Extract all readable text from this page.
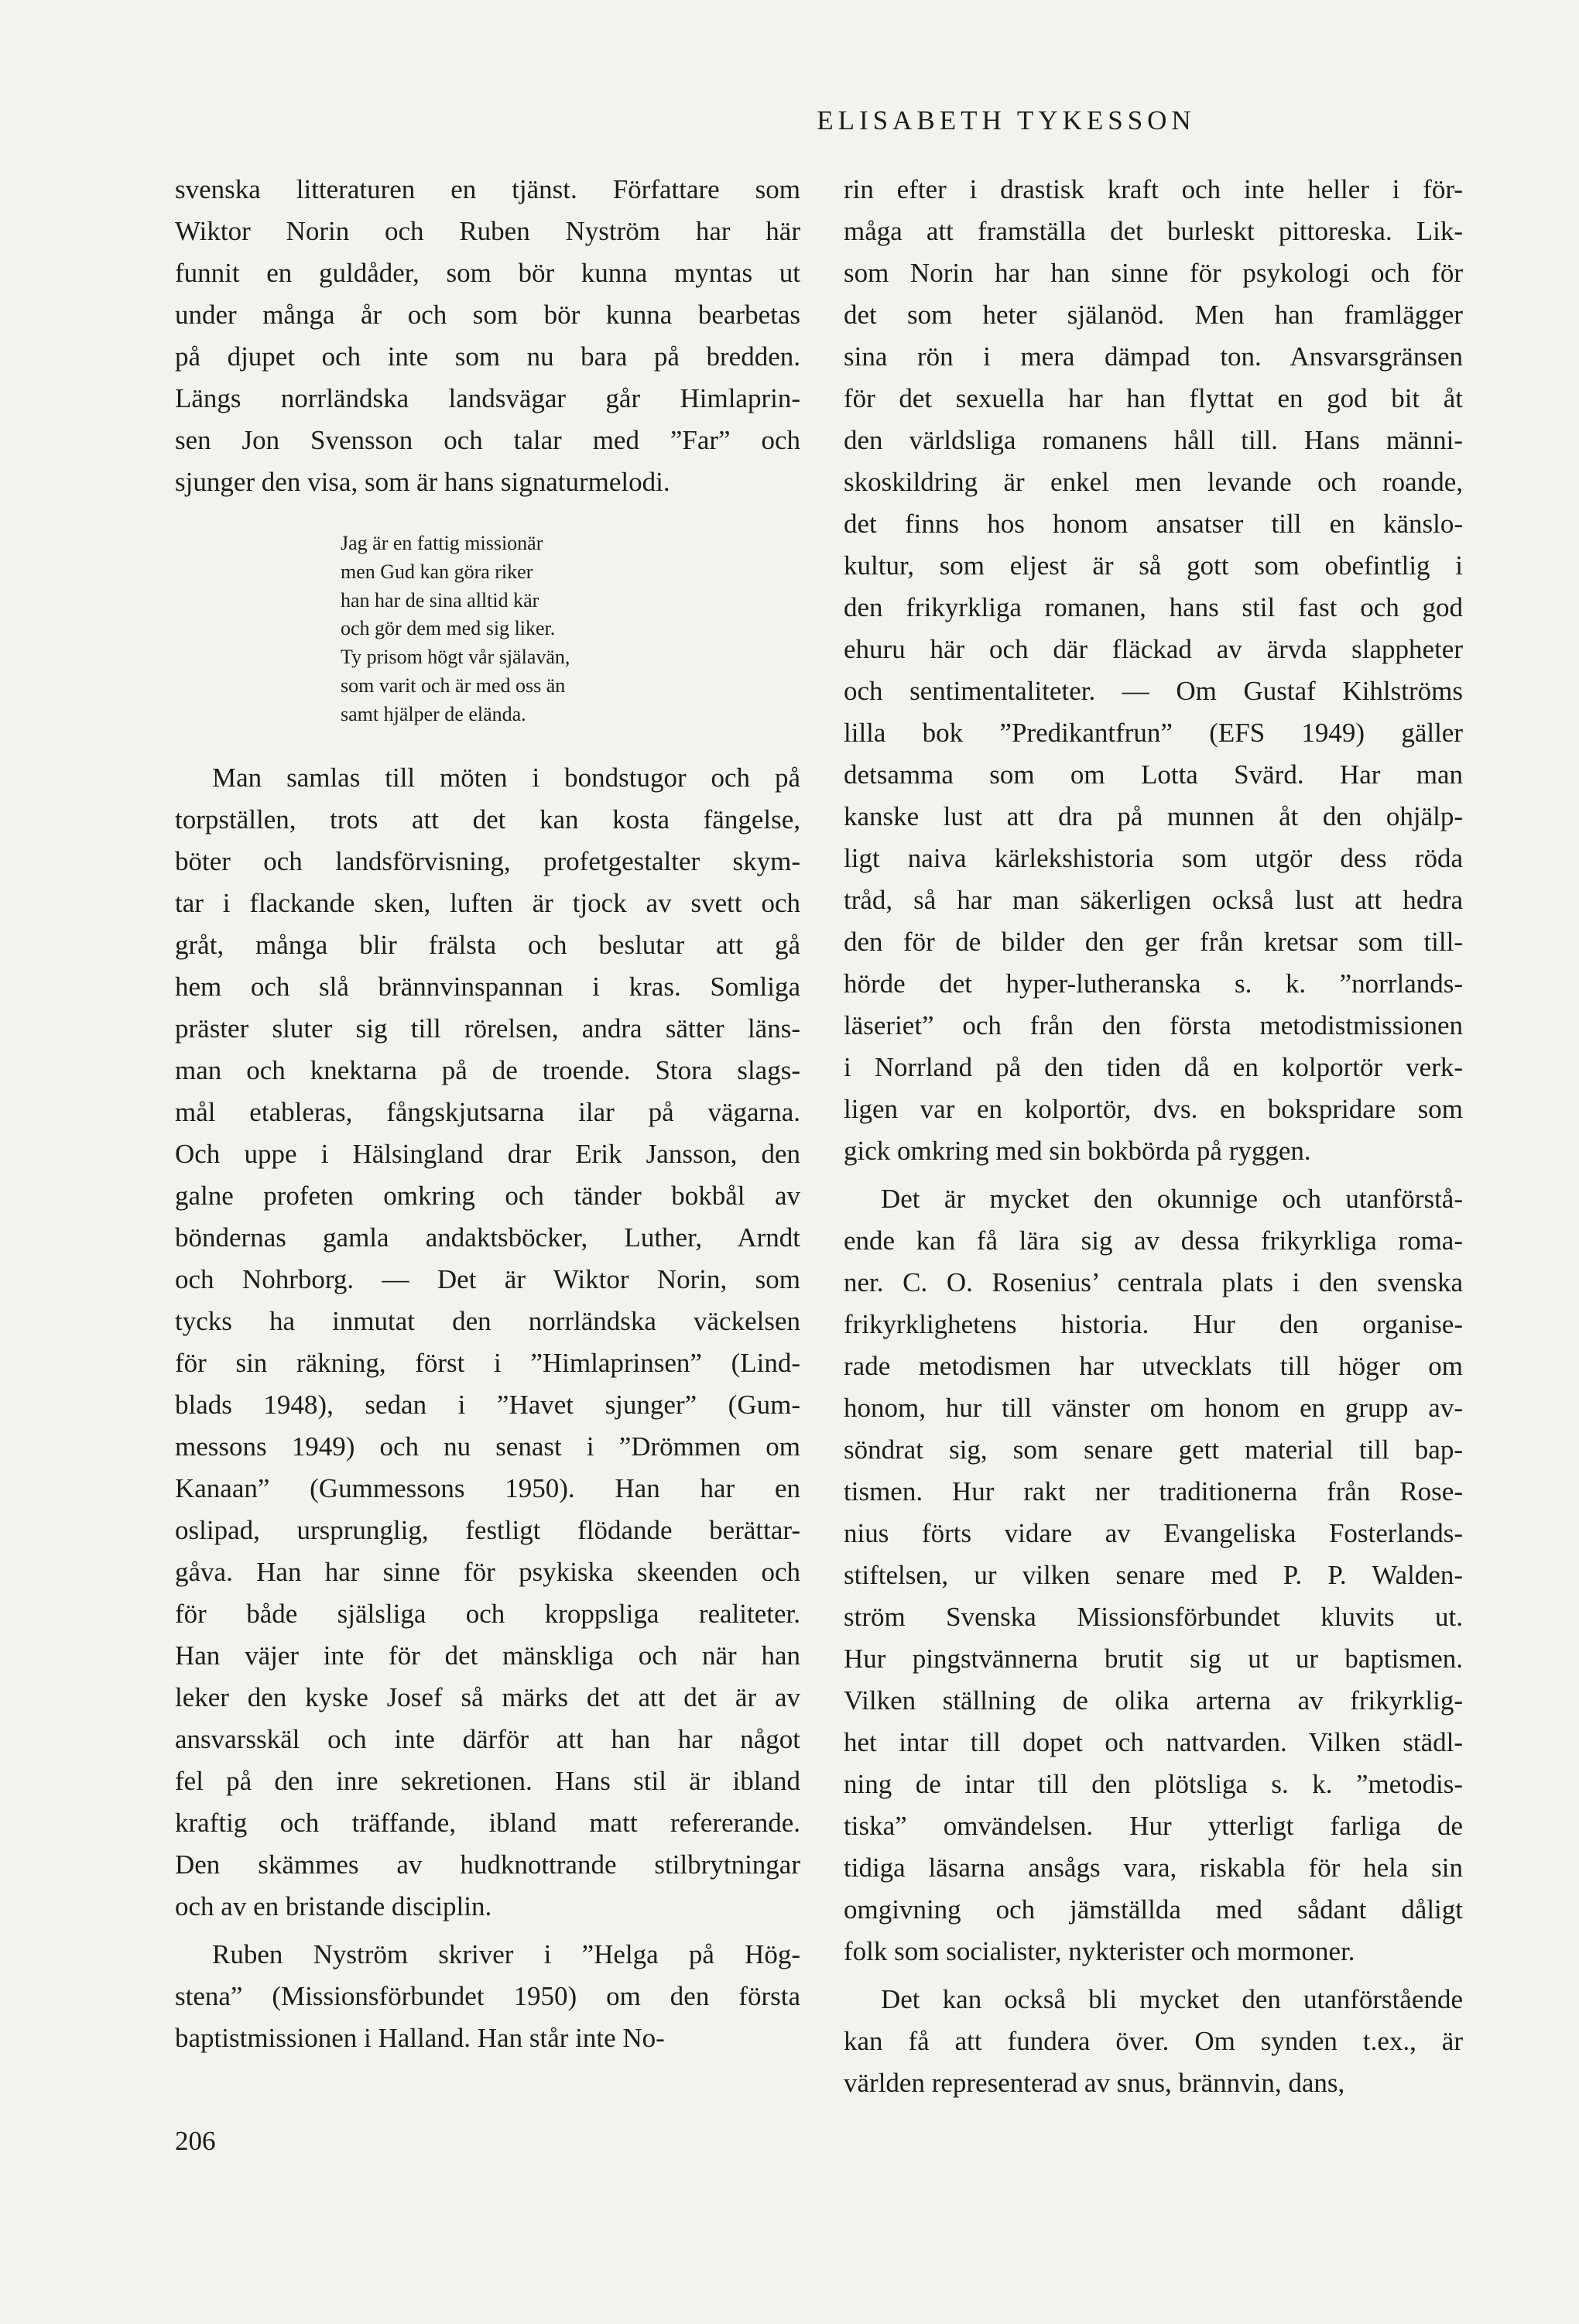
ELISABETH TYKESSON
svenska litteraturen en tjänst. Författare som
Wiktor Norin och Ruben Nyström har här
funnit en guldåder, som bör kunna myntas ut
under många år och som bör kunna bearbetas
på djupet och inte som nu bara på bredden.
Längs norrländska landsvägar går Himlaprin-
sen Jon Svensson och talar med ”Far” och
sjunger den visa, som är hans signaturmelodi.
Jag är en fattig missionär
men Gud kan göra riker
han har de sina alltid kär
och gör dem med sig liker.
Ty prisom högt vår själavän,
som varit och är med oss än
samt hjälper de elända.
Man samlas till möten i bondstugor och på
torpställen, trots att det kan kosta fängelse,
böter och landsförvisning, profetgestalter skym-
tar i flackande sken, luften är tjock av svett och
gråt, många blir frälsta och beslutar att gå
hem och slå brännvinspannan i kras. Somliga
präster sluter sig till rörelsen, andra sätter läns-
man och knektarna på de troende. Stora slags-
mål etableras, fångskjutsarna ilar på vägarna.
Och uppe i Hälsingland drar Erik Jansson, den
galne profeten omkring och tänder bokbål av
böndernas gamla andaktsböcker, Luther, Arndt
och Nohrborg. — Det är Wiktor Norin, som
tycks ha inmutat den norrländska väckelsen
för sin räkning, först i ”Himlaprinsen” (Lind-
blads 1948), sedan i ”Havet sjunger” (Gum-
messons 1949) och nu senast i ”Drömmen om
Kanaan” (Gummessons 1950). Han har en
oslipad, ursprunglig, festligt flödande berättar-
gåva. Han har sinne för psykiska skeenden och
för både själsliga och kroppsliga realiteter.
Han väjer inte för det mänskliga och när han
leker den kyske Josef så märks det att det är av
ansvarsskäl och inte därför att han har något
fel på den inre sekretionen. Hans stil är ibland
kraftig och träffande, ibland matt refererande.
Den skämmes av hudknottrande stilbrytningar
och av en bristande disciplin.
Ruben Nyström skriver i ”Helga på Hög-
stena” (Missionsförbundet 1950) om den första
baptistmissionen i Halland. Han står inte No-
rin efter i drastisk kraft och inte heller i för-
måga att framställa det burleskt pittoreska. Lik-
som Norin har han sinne för psykologi och för
det som heter själanöd. Men han framlägger
sina rön i mera dämpad ton. Ansvarsgränsen
för det sexuella har han flyttat en god bit åt
den världsliga romanens håll till. Hans männi-
skoskildring är enkel men levande och roande,
det finns hos honom ansatser till en känslo-
kultur, som eljest är så gott som obefintlig i
den frikyrkliga romanen, hans stil fast och god
ehuru här och där fläckad av ärvda slappheter
och sentimentaliteter. — Om Gustaf Kihlströms
lilla bok ”Predikantfrun” (EFS 1949) gäller
detsamma som om Lotta Svärd. Har man
kanske lust att dra på munnen åt den ohjälp-
ligt naiva kärlekshistoria som utgör dess röda
tråd, så har man säkerligen också lust att hedra
den för de bilder den ger från kretsar som till-
hörde det hyper-lutheranska s. k. ”norrlands-
läseriet” och från den första metodistmissionen
i Norrland på den tiden då en kolportör verk-
ligen var en kolportör, dvs. en bokspridare som
gick omkring med sin bokbörda på ryggen.
Det är mycket den okunnige och utanförstå-
ende kan få lära sig av dessa frikyrkliga roma-
ner. C. O. Rosenius’ centrala plats i den svenska
frikyrklighetens historia. Hur den organise-
rade metodismen har utvecklats till höger om
honom, hur till vänster om honom en grupp av-
söndrat sig, som senare gett material till bap-
tismen. Hur rakt ner traditionerna från Rose-
nius förts vidare av Evangeliska Fosterlands-
stiftelsen, ur vilken senare med P. P. Walden-
ström Svenska Missionsförbundet kluvits ut.
Hur pingstvännerna brutit sig ut ur baptismen.
Vilken ställning de olika arterna av frikyrklig-
het intar till dopet och nattvarden. Vilken städl-
ning de intar till den plötsliga s. k. ”metodis-
tiska” omvändelsen. Hur ytterligt farliga de
tidiga läsarna ansågs vara, riskabla för hela sin
omgivning och jämställda med sådant dåligt
folk som socialister, nykterister och mormoner.
Det kan också bli mycket den utanförstående
kan få att fundera över. Om synden t.ex., är
världen representerad av snus, brännvin, dans,
206
